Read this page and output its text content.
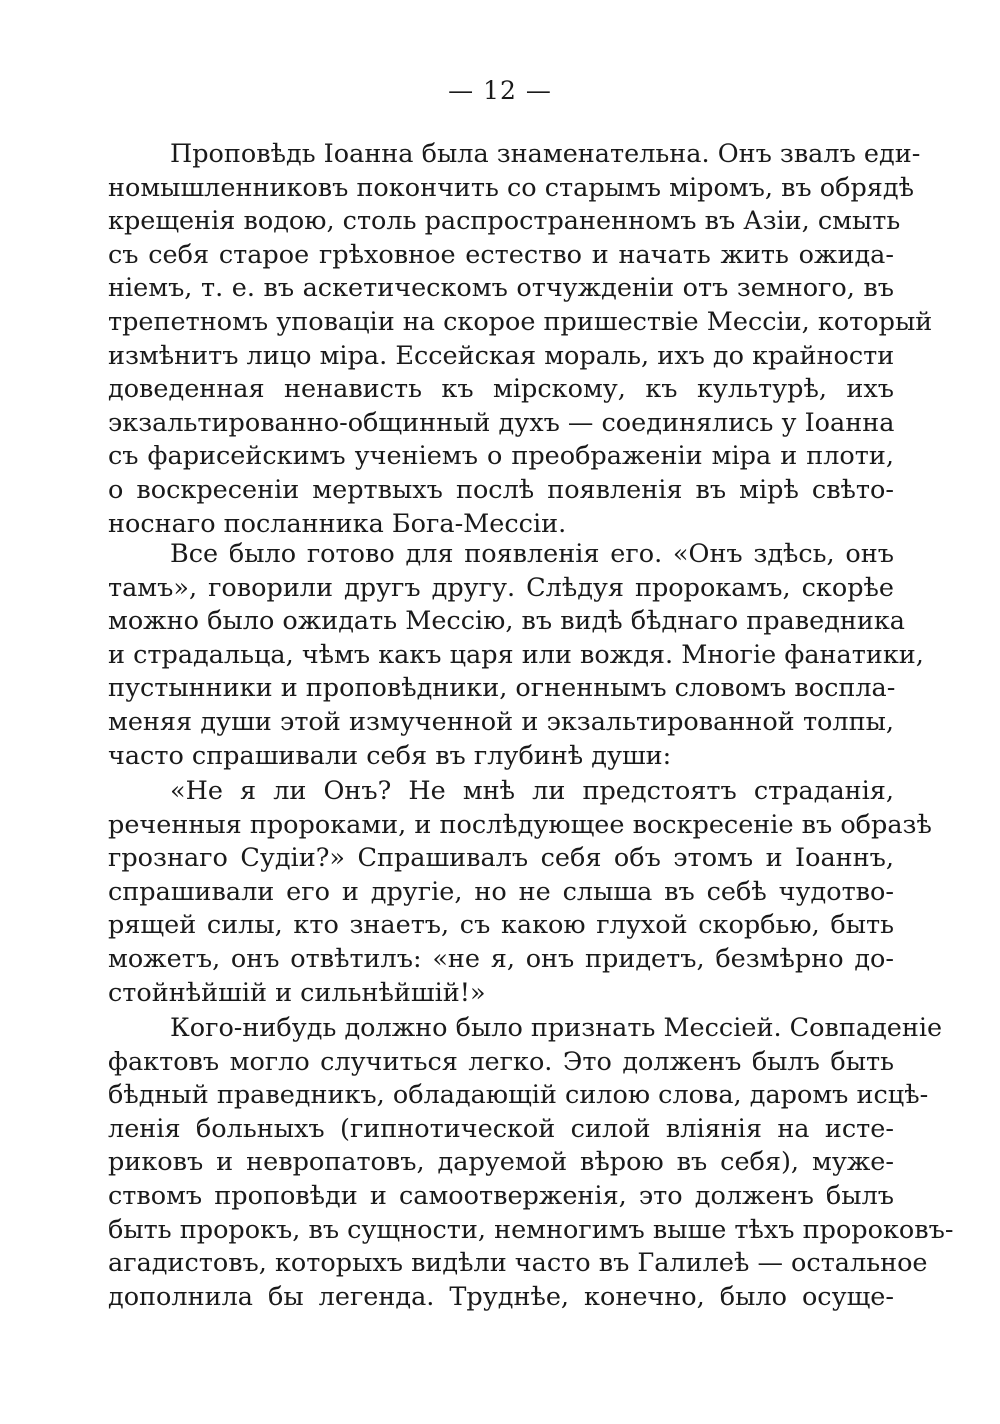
— 12 —
Проповѣдь Іоанна была знаменательна. Онъ звалъ еди-
номышленниковъ покончить со старымъ міромъ, въ обрядѣ
крещенія водою, столь распространенномъ въ Азіи, смыть
съ себя старое грѣховное естество и начать жить ожида-
ніемъ, т. е. въ аскетическомъ отчужденіи отъ земного, въ
трепетномъ уповаціи на скорое пришествіе Мессіи, который
измѣнитъ лицо міра. Ессейская мораль, ихъ до крайности
доведенная ненависть къ мірскому, къ культурѣ, ихъ
экзальтированно-общинный духъ — соединялись у Іоанна
съ фарисейскимъ ученіемъ о преображеніи міра и плоти,
о воскресеніи мертвыхъ послѣ появленія въ мірѣ свѣто-
носнаго посланника Бога-Мессіи.
Все было готово для появленія его. «Онъ здѣсь, онъ
тамъ», говорили другъ другу. Слѣдуя пророкамъ, скорѣе
можно было ожидать Мессію, въ видѣ бѣднаго праведника
и страдальца, чѣмъ какъ царя или вождя. Многіе фанатики,
пустынники и проповѣдники, огненнымъ словомъ воспла-
меняя души этой измученной и экзальтированной толпы,
часто спрашивали себя въ глубинѣ души:
«Не я ли Онъ? Не мнѣ ли предстоятъ страданія,
реченныя пророками, и послѣдующее воскресеніе въ образѣ
грознаго Судіи?» Спрашивалъ себя объ этомъ и Іоаннъ,
спрашивали его и другіе, но не слыша въ себѣ чудотво-
рящей силы, кто знаетъ, съ какою глухой скорбью, быть
можетъ, онъ отвѣтилъ: «не я, онъ придетъ, безмѣрно до-
стойнѣйшій и сильнѣйшій!»
Кого-нибудь должно было признать Мессіей. Совпаденіе
фактовъ могло случиться легко. Это долженъ былъ быть
бѣдный праведникъ, обладающій силою слова, даромъ исцѣ-
ленія больныхъ (гипнотической силой вліянія на исте-
риковъ и невропатовъ, даруемой вѣрою въ себя), муже-
ствомъ проповѣди и самоотверженія, это долженъ былъ
быть пророкъ, въ сущности, немногимъ выше тѣхъ пророковъ-
агадистовъ, которыхъ видѣли часто въ Галилеѣ — остальное
дополнила бы легенда. Труднѣе, конечно, было осуще-
